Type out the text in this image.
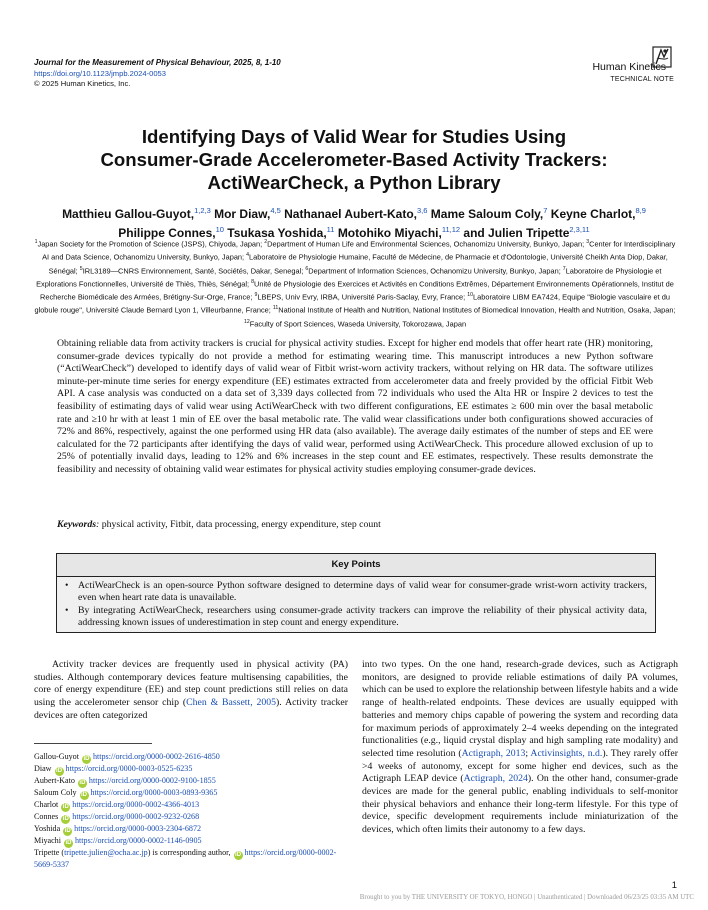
Journal for the Measurement of Physical Behaviour, 2025, 8, 1-10
https://doi.org/10.1123/jmpb.2024-0053
© 2025 Human Kinetics, Inc.
Human Kinetics
TECHNICAL NOTE
Identifying Days of Valid Wear for Studies Using
Consumer-Grade Accelerometer-Based Activity Trackers:
ActiWearCheck, a Python Library
Matthieu Gallou-Guyot,$^{1,2,3}$ Mor Diaw,$^{4,5}$ Nathanael Aubert-Kato,$^{3,6}$ Mame Saloum Coly,$^7$ Keyne Charlot,$^{8,9}$
Philippe Connes,$^{10}$ Tsukasa Yoshida,$^{11}$ Motohiko Miyachi,$^{11,12}$ and Julien Tripette$^{2,3,11}$
$^1$Japan Society for the Promotion of Science (JSPS), Chiyoda, Japan; $^2$Department of Human Life and Environmental Sciences, Ochanomizu University, Bunkyo, Japan; $^3$Center for Interdisciplinary AI and Data Science, Ochanomizu University, Bunkyo, Japan; $^4$Laboratoire de Physiologie Humaine, Faculté de Médecine, de Pharmacie et d'Odontologie, Université Cheikh Anta Diop, Dakar, Sénégal; $^5$IRL3189—CNRS Environnement, Santé, Sociétés, Dakar, Senegal; $^6$Department of Information Sciences, Ochanomizu University, Bunkyo, Japan; $^7$Laboratoire de Physiologie et Explorations Fonctionnelles, Université de Thiès, Thiès, Sénégal; $^8$Unité de Physiologie des Exercices et Activités en Conditions Extrêmes, Département Environnements Opérationnels, Institut de Recherche Biomédicale des Armées, Brétigny-Sur-Orge, France; $^9$LBEPS, Univ Evry, IRBA, Université Paris-Saclay, Evry, France; $^{10}$Laboratoire LIBM EA7424, Equipe "Biologie vasculaire et du globule rouge", Université Claude Bernard Lyon 1, Villeurbanne, France; $^{11}$National Institute of Health and Nutrition, National Institutes of Biomedical Innovation, Health and Nutrition, Osaka, Japan; $^{12}$Faculty of Sport Sciences, Waseda University, Tokorozawa, Japan
Obtaining reliable data from activity trackers is crucial for physical activity studies. Except for higher end models that offer heart rate (HR) monitoring, consumer-grade devices typically do not provide a method for estimating wearing time. This manuscript introduces a new Python software (“ActiWearCheck”) developed to identify days of valid wear of Fitbit wrist-worn activity trackers, without relying on HR data. The software utilizes minute-per-minute time series for energy expenditure (EE) estimates extracted from accelerometer data and freely provided by the official Fitbit Web API. A case analysis was conducted on a data set of 3,339 days collected from 72 individuals who used the Alta HR or Inspire 2 devices to test the feasibility of estimating days of valid wear using ActiWearCheck with two different configurations, EE estimates ≥ 600 min over the basal metabolic rate and ≥10 hr with at least 1 min of EE over the basal metabolic rate. The valid wear classifications under both configurations showed accuracies of 72% and 86%, respectively, against the one performed using HR data (also available). The average daily estimates of the number of steps and EE were calculated for the 72 participants after identifying the days of valid wear, performed using ActiWearCheck. This procedure allowed exclusion of up to 25% of potentially invalid days, leading to 12% and 6% increases in the step count and EE estimates, respectively. These results demonstrate the feasibility and necessity of obtaining valid wear estimates for physical activity studies employing consumer-grade devices.
Keywords: physical activity, Fitbit, data processing, energy expenditure, step count
Key Points
• ActiWearCheck is an open-source Python software designed to determine days of valid wear for consumer-grade wrist-worn activity trackers, even when heart rate data is unavailable.
• By integrating ActiWearCheck, researchers using consumer-grade activity trackers can improve the reliability of their physical activity data, addressing known issues of underestimation in step count and energy expenditure.

Activity tracker devices are frequently used in physical activity (PA) studies. Although contemporary devices feature multisensing capabilities, the core of energy expenditure (EE) and step count predictions still relies on data using the accelerometer sensor chip (Chen & Bassett, 2005). Activity tracker devices are often categorized

Gallou-Guyot iD https://orcid.org/0000-0002-2616-4850
Diaw iD https://orcid.org/0000-0003-0525-6235
Aubert-Kato iD https://orcid.org/0000-0002-9100-1855
Saloum Coly iD https://orcid.org/0000-0003-0893-9365
Charlot iD https://orcid.org/0000-0002-4366-4013
Connes iD https://orcid.org/0000-0002-9232-0268
Yoshida iD https://orcid.org/0000-0003-2304-6872
Miyachi iD https://orcid.org/0000-0002-1146-0905
Tripette (tripette.julien@ocha.ac.jp) is corresponding author, iD https://orcid.org/0000-0002-5669-5337

into two types. On the one hand, research-grade devices, such as Actigraph monitors, are designed to provide reliable estimations of daily PA volumes, which can be used to explore the relationship between lifestyle habits and a wide range of health-related endpoints. These devices are usually equipped with batteries and memory chips capable of powering the system and recording data for maximum periods of approximately 2–4 weeks depending on the integrated functionalities (e.g., liquid crystal display and high sampling rate modality) and selected time resolution (Actigraph, 2013; Activinsights, n.d.). They rarely offer >4 weeks of autonomy, except for some higher end devices, such as the Actigraph LEAP device (Actigraph, 2024). On the other hand, consumer-grade devices are made for the general public, enabling individuals to self-monitor their physical behaviors and enhance their long-term lifestyle. For this type of device, specific development requirements include miniaturization of the devices, which often limits their autonomy to a few days.

1
Brought to you by THE UNIVERSITY OF TOKYO, HONGO | Unauthenticated | Downloaded 06/23/25 03:35 AM UTC
